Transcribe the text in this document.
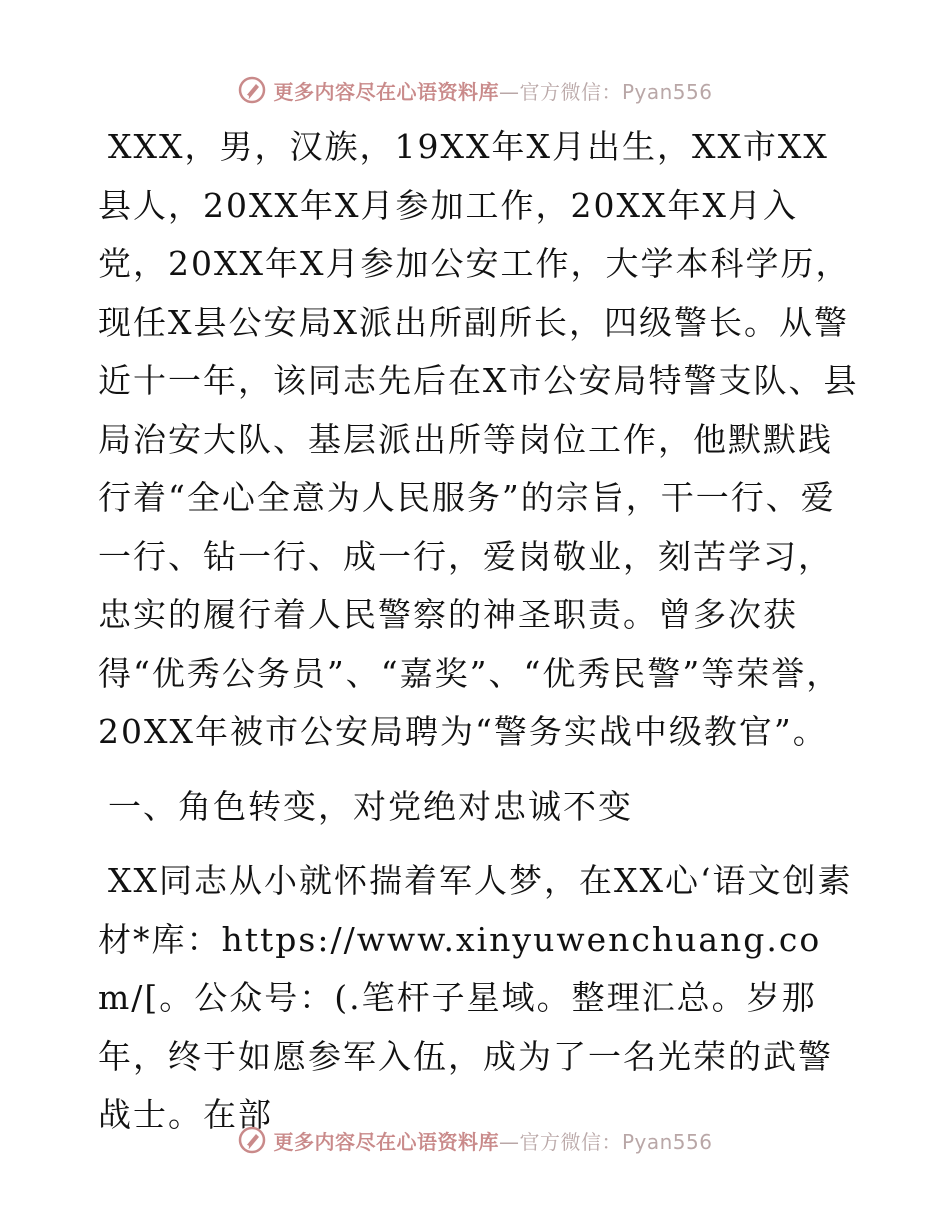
更多内容尽在心语资料库—官方微信：Pyan556

XXX，男，汉族，19XX年X月出生，XX市XX县人，20XX年X月参加工作，20XX年X月入党，20XX年X月参加公安工作，大学本科学历，现任X县公安局X派出所副所长，四级警长。从警近十一年，该同志先后在X市公安局特警支队、县局治安大队、基层派出所等岗位工作，他默默践行着“全心全意为人民服务”的宗旨，干一行、爱一行、钻一行、成一行，爱岗敬业，刻苦学习，忠实的履行着人民警察的神圣职责。曾多次获得“优秀公务员”、“嘉奖”、“优秀民警”等荣誉，20XX年被市公安局聘为“警务实战中级教官”。

一、角色转变，对党绝对忠诚不变

XX同志从小就怀揣着军人梦，在XX心‘语文创素材*库：https://www.xinyuwenchuang.com/[。公众号：(.笔杆子星域。整理汇总。岁那年，终于如愿参军入伍，成为了一名光荣的武警战士。在部

更多内容尽在心语资料库—官方微信：Pyan556
